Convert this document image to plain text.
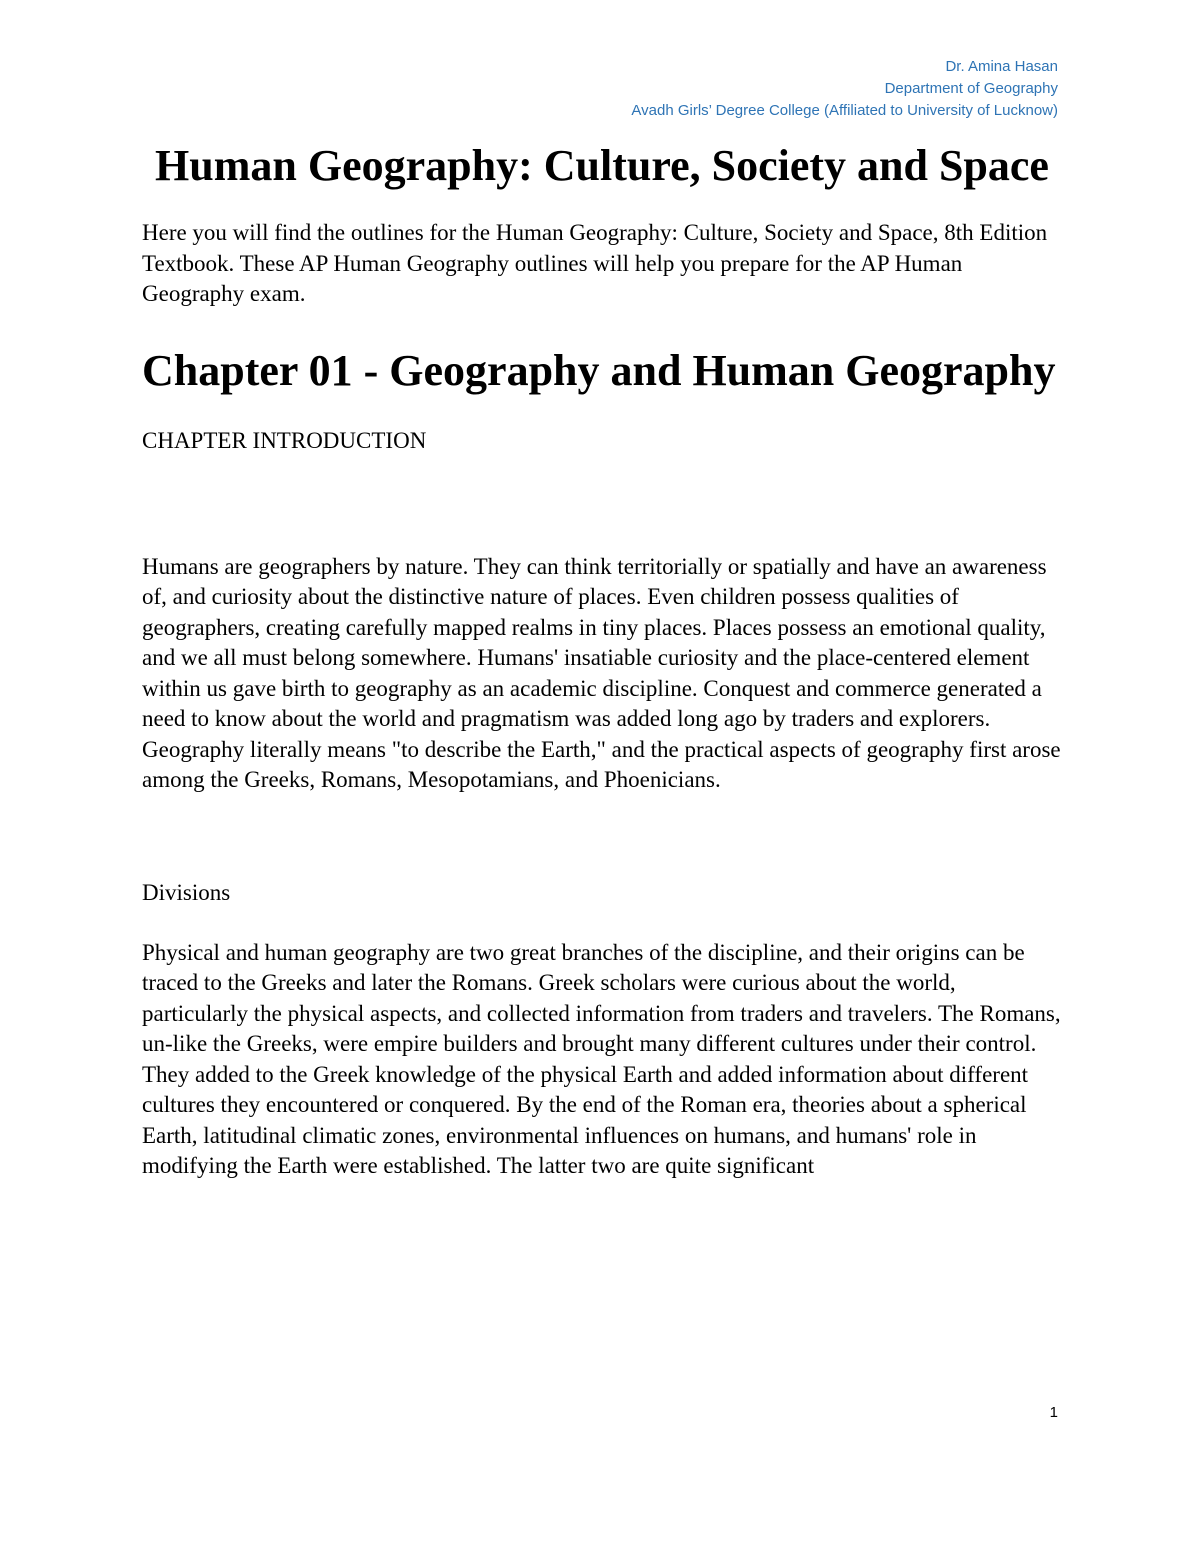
Dr. Amina Hasan
Department of Geography
Avadh Girls’ Degree College (Affiliated to University of Lucknow)
Human Geography: Culture, Society and Space

Here you will find the outlines for the Human Geography: Culture, Society and Space, 8th Edition Textbook. These AP Human Geography outlines will help you prepare for the AP Human Geography exam.

Chapter 01 - Geography and Human Geography

CHAPTER INTRODUCTION

Humans are geographers by nature. They can think territorially or spatially and have an awareness of, and curiosity about the distinctive nature of places. Even children possess qualities of geographers, creating carefully mapped realms in tiny places. Places possess an emotional quality, and we all must belong somewhere. Humans' insatiable curiosity and the place-centered element within us gave birth to geography as an academic discipline. Conquest and commerce generated a need to know about the world and pragmatism was added long ago by traders and explorers. Geography literally means "to describe the Earth," and the practical aspects of geography first arose among the Greeks, Romans, Mesopotamians, and Phoenicians.

Divisions

Physical and human geography are two great branches of the discipline, and their origins can be traced to the Greeks and later the Romans. Greek scholars were curious about the world, particularly the physical aspects, and collected information from traders and travelers. The Romans, un-like the Greeks, were empire builders and brought many different cultures under their control. They added to the Greek knowledge of the physical Earth and added information about different cultures they encountered or conquered. By the end of the Roman era, theories about a spherical Earth, latitudinal climatic zones, environmental influences on humans, and humans' role in modifying the Earth were established. The latter two are quite significant

1
